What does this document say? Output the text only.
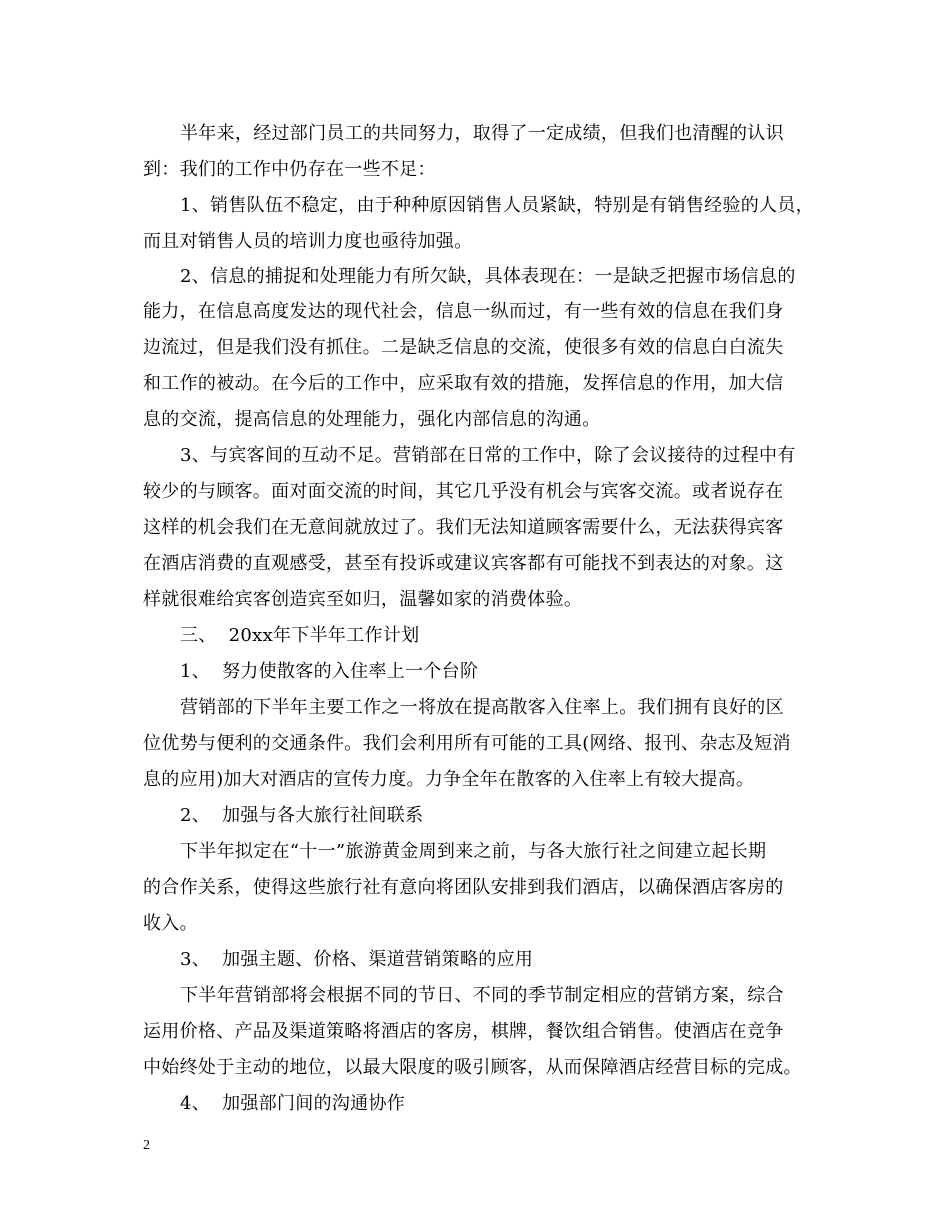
半年来，经过部门员工的共同努力，取得了一定成绩，但我们也清醒的认识
到：我们的工作中仍存在一些不足：
1、销售队伍不稳定，由于种种原因销售人员紧缺，特别是有销售经验的人员，
而且对销售人员的培训力度也亟待加强。
2、信息的捕捉和处理能力有所欠缺，具体表现在：一是缺乏把握市场信息的
能力，在信息高度发达的现代社会，信息一纵而过，有一些有效的信息在我们身
边流过，但是我们没有抓住。二是缺乏信息的交流，使很多有效的信息白白流失
和工作的被动。在今后的工作中，应采取有效的措施，发挥信息的作用，加大信
息的交流，提高信息的处理能力，强化内部信息的沟通。
3、与宾客间的互动不足。营销部在日常的工作中，除了会议接待的过程中有
较少的与顾客。面对面交流的时间，其它几乎没有机会与宾客交流。或者说存在
这样的机会我们在无意间就放过了。我们无法知道顾客需要什么，无法获得宾客
在酒店消费的直观感受，甚至有投诉或建议宾客都有可能找不到表达的对象。这
样就很难给宾客创造宾至如归，温馨如家的消费体验。
三、 20xx年下半年工作计划
1、 努力使散客的入住率上一个台阶
营销部的下半年主要工作之一将放在提高散客入住率上。我们拥有良好的区
位优势与便利的交通条件。我们会利用所有可能的工具(网络、报刊、杂志及短消
息的应用)加大对酒店的宣传力度。力争全年在散客的入住率上有较大提高。
2、 加强与各大旅行社间联系
下半年拟定在“十一”旅游黄金周到来之前，与各大旅行社之间建立起长期
的合作关系，使得这些旅行社有意向将团队安排到我们酒店，以确保酒店客房的
收入。
3、 加强主题、价格、渠道营销策略的应用
下半年营销部将会根据不同的节日、不同的季节制定相应的营销方案，综合
运用价格、产品及渠道策略将酒店的客房，棋牌，餐饮组合销售。使酒店在竞争
中始终处于主动的地位，以最大限度的吸引顾客，从而保障酒店经营目标的完成。
4、 加强部门间的沟通协作
2
